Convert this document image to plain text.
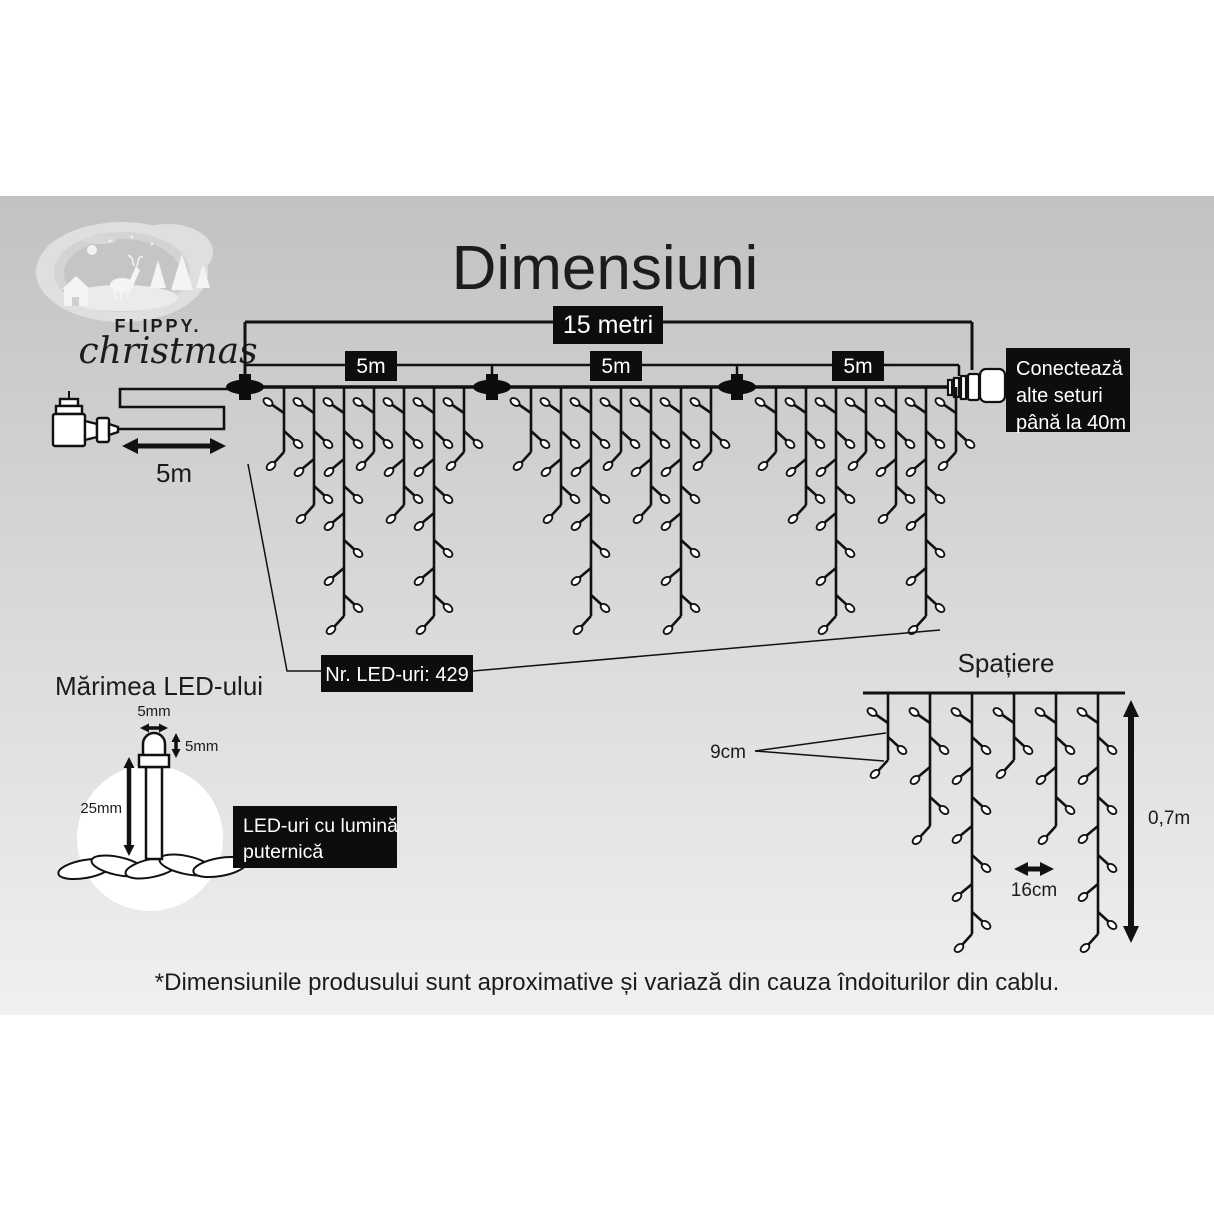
FLIPPY.
christmas
Dimensiuni
5m
15 metri
5m	5m	5m	Conectează
alte seturi
până la 40m
Nr. LED-uri: 429
Mărimea LED-ului
5mm
5mm
25mm
LED-uri cu lumină
puternică
Spațiere
9cm
16cm
0,7m
*Dimensiunile produsului sunt aproximative și variază din cauza îndoiturilor din cablu.
